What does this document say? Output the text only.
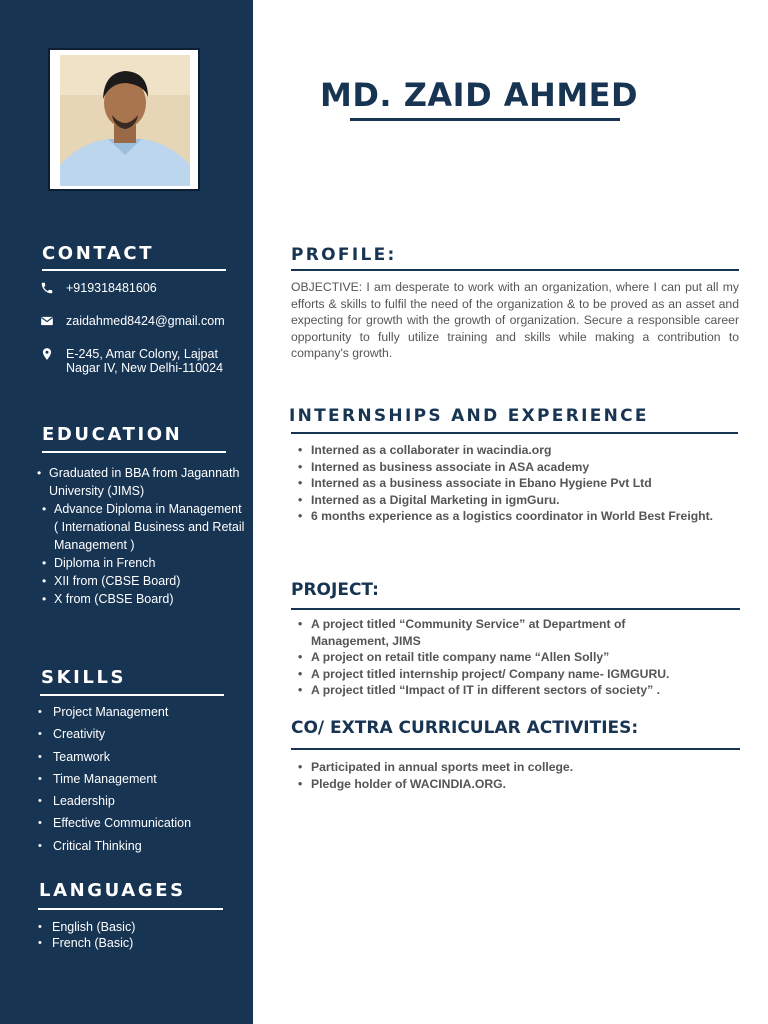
CONTACT
+919318481606
zaidahmed8424@gmail.com
E-245, Amar Colony, Lajpat
Nagar IV, New Delhi-110024
EDUCATION
• Graduated in BBA from Jagannath
University (JIMS)
• Advance Diploma in Management
( International Business and Retail
Management )
• Diploma in French
• XII from (CBSE Board)
• X from (CBSE Board)
SKILLS
• Project Management
• Creativity
• Teamwork
• Time Management
• Leadership
• Effective Communication
• Critical Thinking
LANGUAGES
• English (Basic)
• French (Basic)
MD. ZAID AHMED
PROFILE:

OBJECTIVE: I am desperate to work with an organization, where I can put all my efforts & skills to fulfil the need of the organization & to be proved as an asset and expecting for growth with the growth of organization. Secure a responsible career opportunity to fully utilize training and skills while making a contribution to company's growth.

INTERNSHIPS AND EXPERIENCE
• Interned as a collaborater in wacindia.org
• Interned as business associate in ASA academy
• Interned as a business associate in Ebano Hygiene Pvt Ltd
• Interned as a Digital Marketing in igmGuru.
• 6 months experience as a logistics coordinator in World Best Freight.
PROJECT:
• A project titled “Community Service” at Department of
Management, JIMS
• A project on retail title company name “Allen Solly”
• A project titled internship project/ Company name- IGMGURU.
• A project titled “Impact of IT in different sectors of society” .
CO/ EXTRA CURRICULAR ACTIVITIES:
• Participated in annual sports meet in college.
• Pledge holder of WACINDIA.ORG.
